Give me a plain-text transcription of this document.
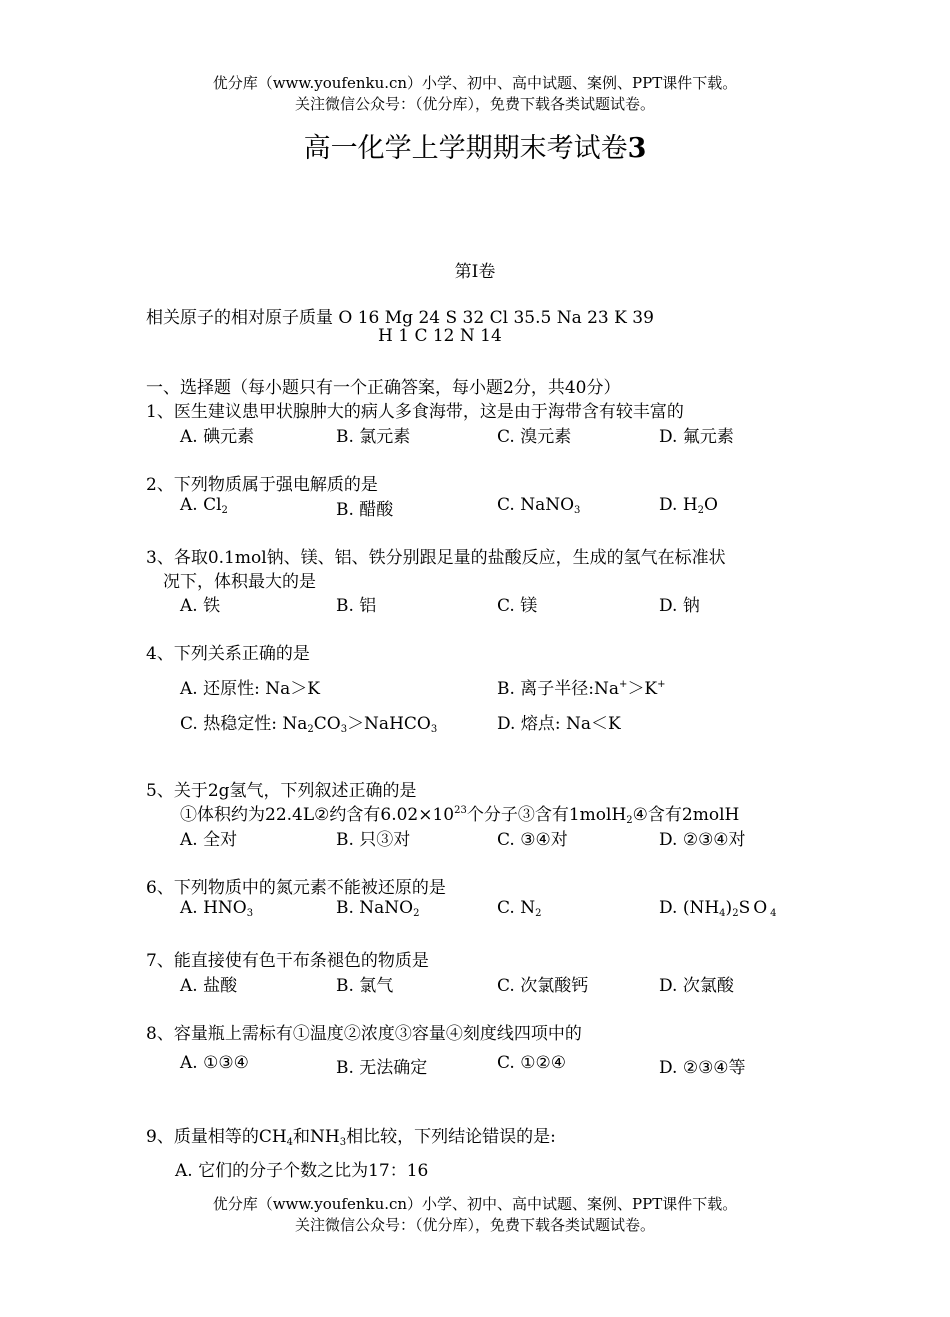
优分库（www.youfenku.cn）小学、初中、高中试题、案例、PPT课件下载。
关注微信公众号：（优分库），免费下载各类试题试卷。
高一化学上学期期末考试卷3
第Ⅰ卷
相关原子的相对原子质量 O 16 Mg 24 S 32 Cl 35.5 Na 23 K 39
H 1 C 12 N 14
一、选择题（每小题只有一个正确答案，每小题2分，共40分）
1、医生建议患甲状腺肿大的病人多食海带，这是由于海带含有较丰富的
A. 碘元素	B. 氯元素	C. 溴元素	D. 氟元素
2、下列物质属于强电解质的是
A. $Cl_2$	B. 醋酸	C. NaNO$_3$	D. $H_2O$
3、各取0.1mol钠、镁、铝、铁分别跟足量的盐酸反应，生成的氢气在标准状
况下，体积最大的是
A. 铁	B. 铝	C. 镁	D. 钠
4、下列关系正确的是
A. 还原性: Na＞K	B. 离子半径:Na+＞K+
C. 热稳定性: $Na_2CO_3>NaHCO_3$	D. 熔点: Na＜K
5、关于2g氢气，下列叙述正确的是
①体积约为22.4L②约含有$6.02\times 10^{23}$个分子③含有1molH$_2$④含有2molH
A. 全对	B. 只③对	C. ③④对	D. ②③④对
6、下列物质中的氮元素不能被还原的是
A. $HNO_3$	B. NaNO$_2$	C. $N_2$	D. $(NH_4)_2SO_4$
7、能直接使有色干布条褪色的物质是
A. 盐酸	B. 氯气	C. 次氯酸钙	D. 次氯酸
8、容量瓶上需标有①温度②浓度③容量④刻度线四项中的
A. ①③④	B. 无法确定	C. ①②④	D. ②③④等
9、质量相等的$CH_4$和$NH_3$相比较，下列结论错误的是:
A. 它们的分子个数之比为17：16
优分库（www.youfenku.cn）小学、初中、高中试题、案例、PPT课件下载。
关注微信公众号：（优分库），免费下载各类试题试卷。
